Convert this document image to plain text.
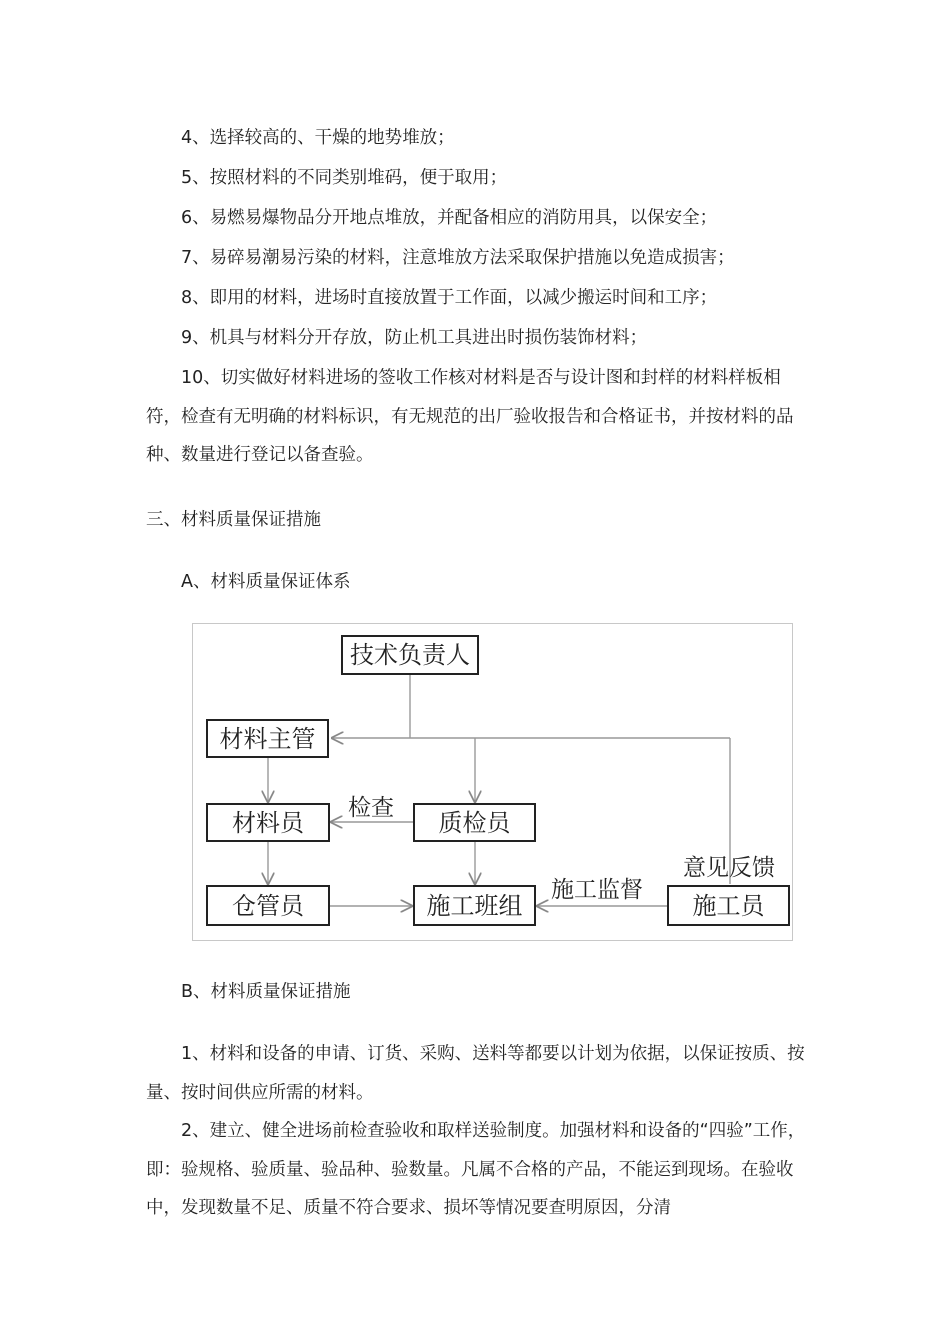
4、选择较高的、干燥的地势堆放；
5、按照材料的不同类别堆码，便于取用；
6、易燃易爆物品分开地点堆放，并配备相应的消防用具，以保安全；
7、易碎易潮易污染的材料，注意堆放方法采取保护措施以免造成损害；
8、即用的材料，进场时直接放置于工作面，以减少搬运时间和工序；
9、机具与材料分开存放，防止机工具进出时损伤装饰材料；
10、切实做好材料进场的签收工作核对材料是否与设计图和封样的材料样板相符，检查有无明确的材料标识，有无规范的出厂验收报告和合格证书，并按材料的品种、数量进行登记以备查验。
三、材料质量保证措施
A、材料质量保证体系
技术负责人
材料主管
材料员	质检员
仓管员	施工班组	施工员
检查
施工监督
意见反馈
B、材料质量保证措施
1、材料和设备的申请、订货、采购、送料等都要以计划为依据，以保证按质、按量、按时间供应所需的材料。
2、建立、健全进场前检查验收和取样送验制度。加强材料和设备的“四验”工作，即：验规格、验质量、验品种、验数量。凡属不合格的产品，不能运到现场。在验收中，发现数量不足、质量不符合要求、损坏等情况要查明原因，分清
